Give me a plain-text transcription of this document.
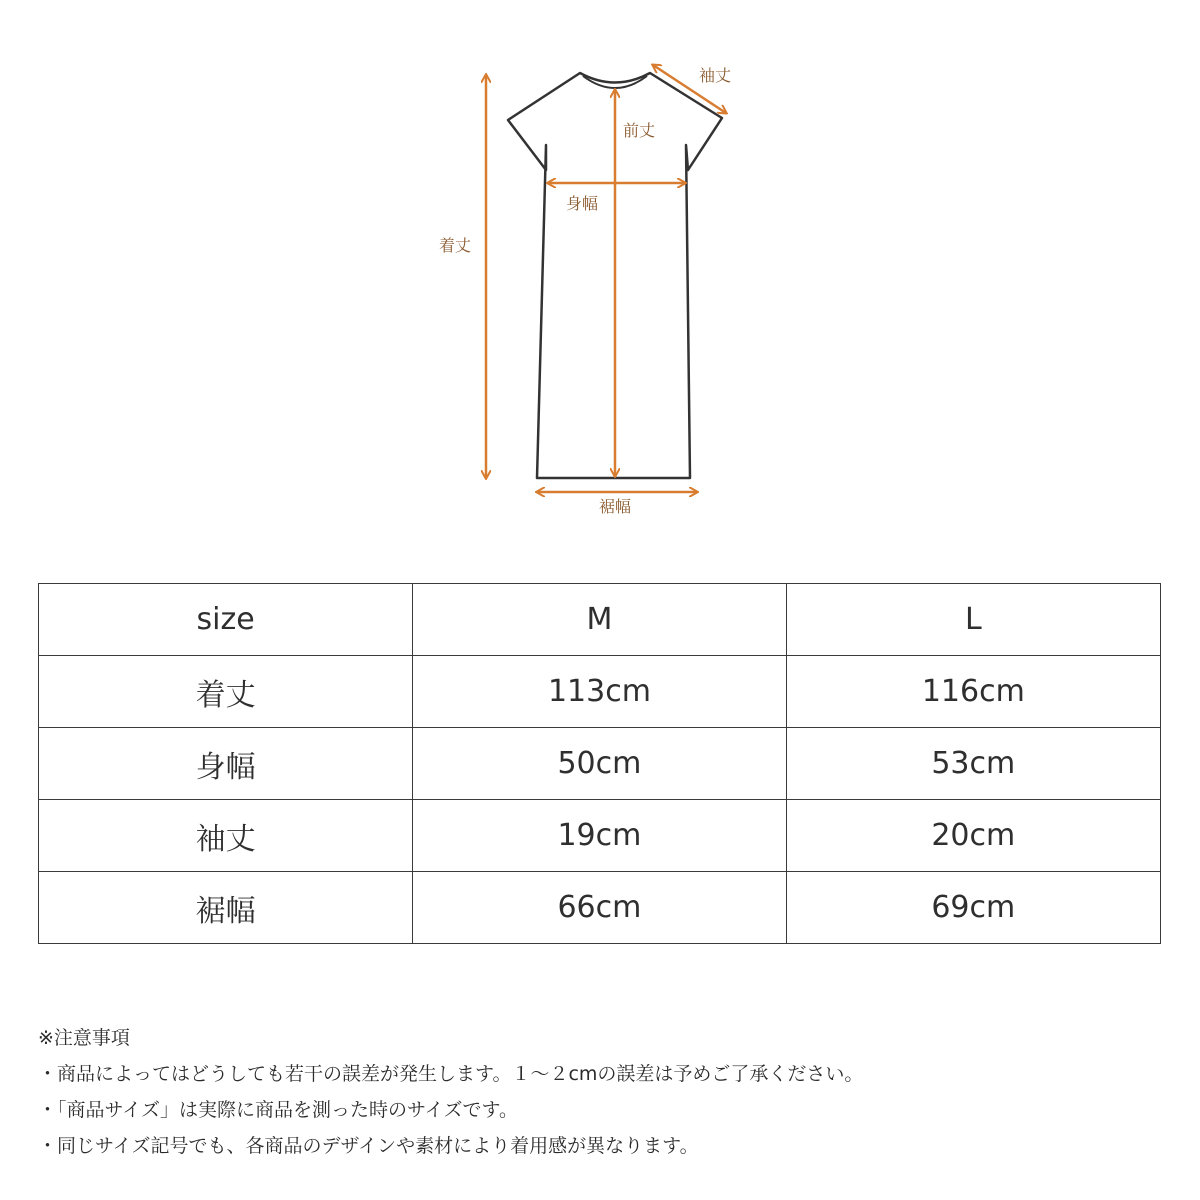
袖丈
前丈
身幅
着丈
裾幅
size	M	L
着丈	113cm	116cm
身幅	50cm	53cm
袖丈	19cm	20cm
裾幅	66cm	69cm
※注意事項
・商品によってはどうしても若干の誤差が発生します。１～２cmの誤差は予めご了承ください。
・「商品サイズ」は実際に商品を測った時のサイズです。
・同じサイズ記号でも、各商品のデザインや素材により着用感が異なります。
